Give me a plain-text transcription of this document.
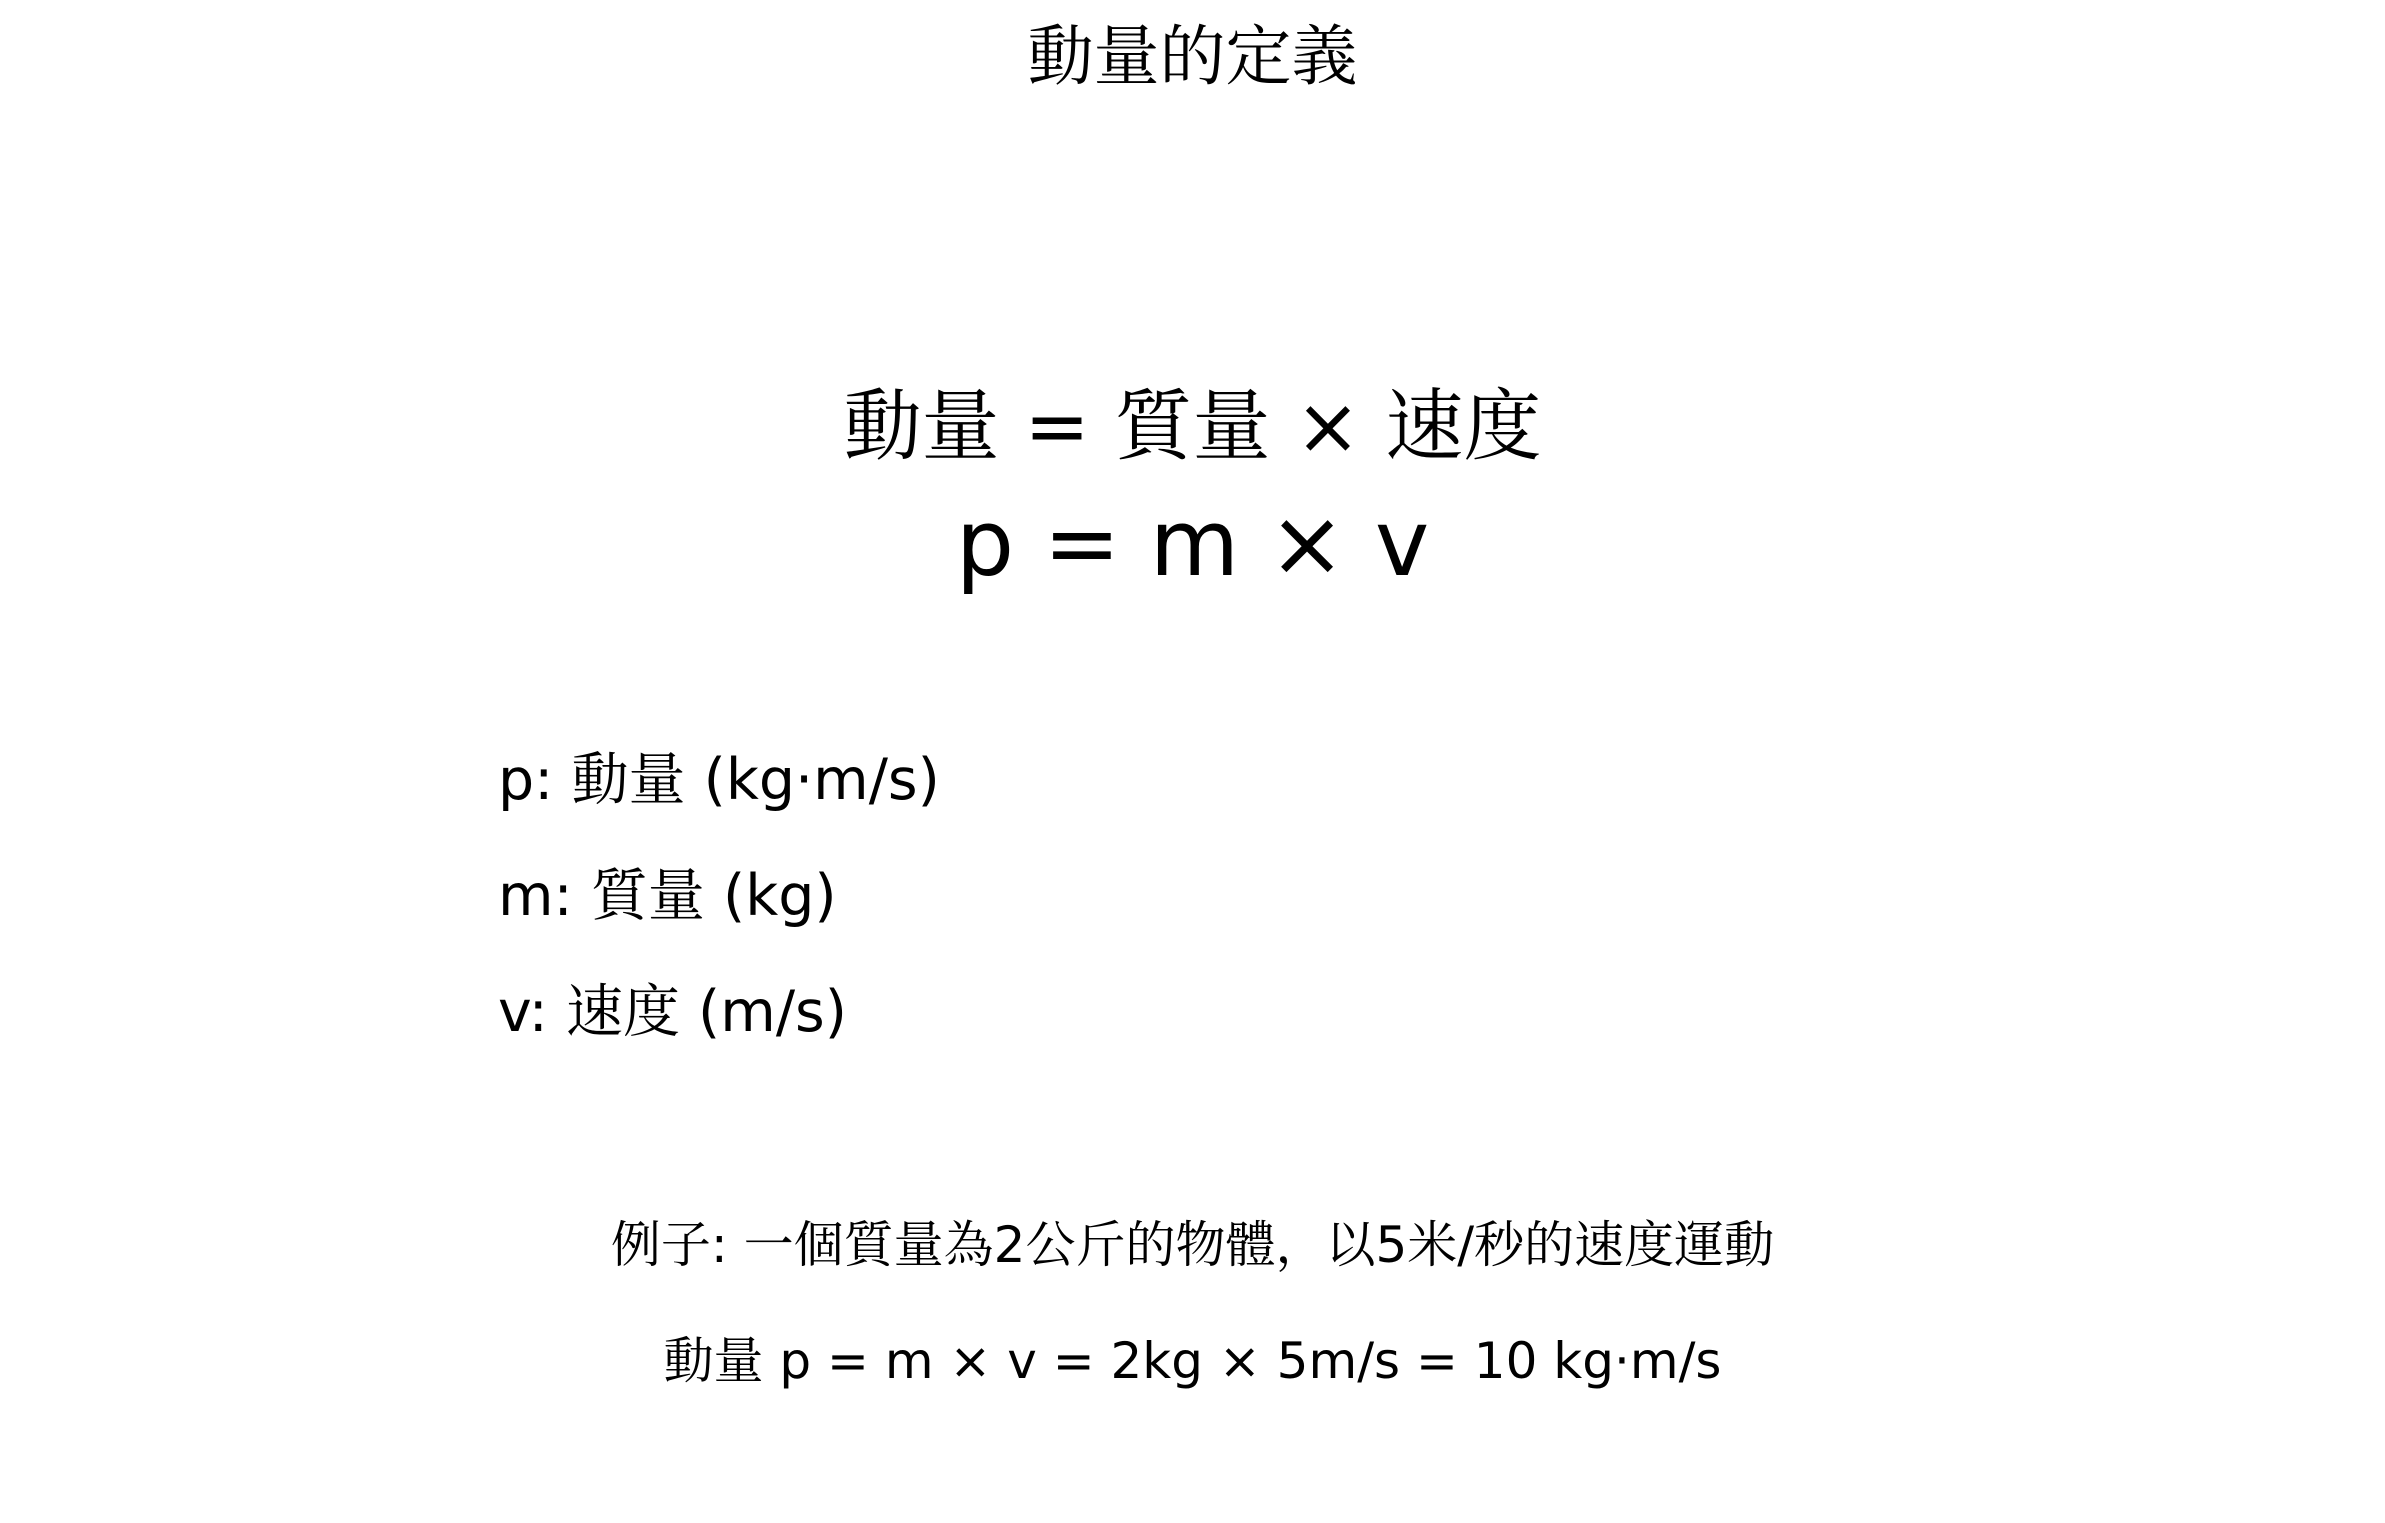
動量的定義
動量 = 質量 × 速度
p = m × v
p: 動量 (kg·m/s)
m: 質量 (kg)
v: 速度 (m/s)
例子: 一個質量為2公斤的物體，以5米/秒的速度運動
動量 p = m × v = 2kg × 5m/s = 10 kg·m/s
